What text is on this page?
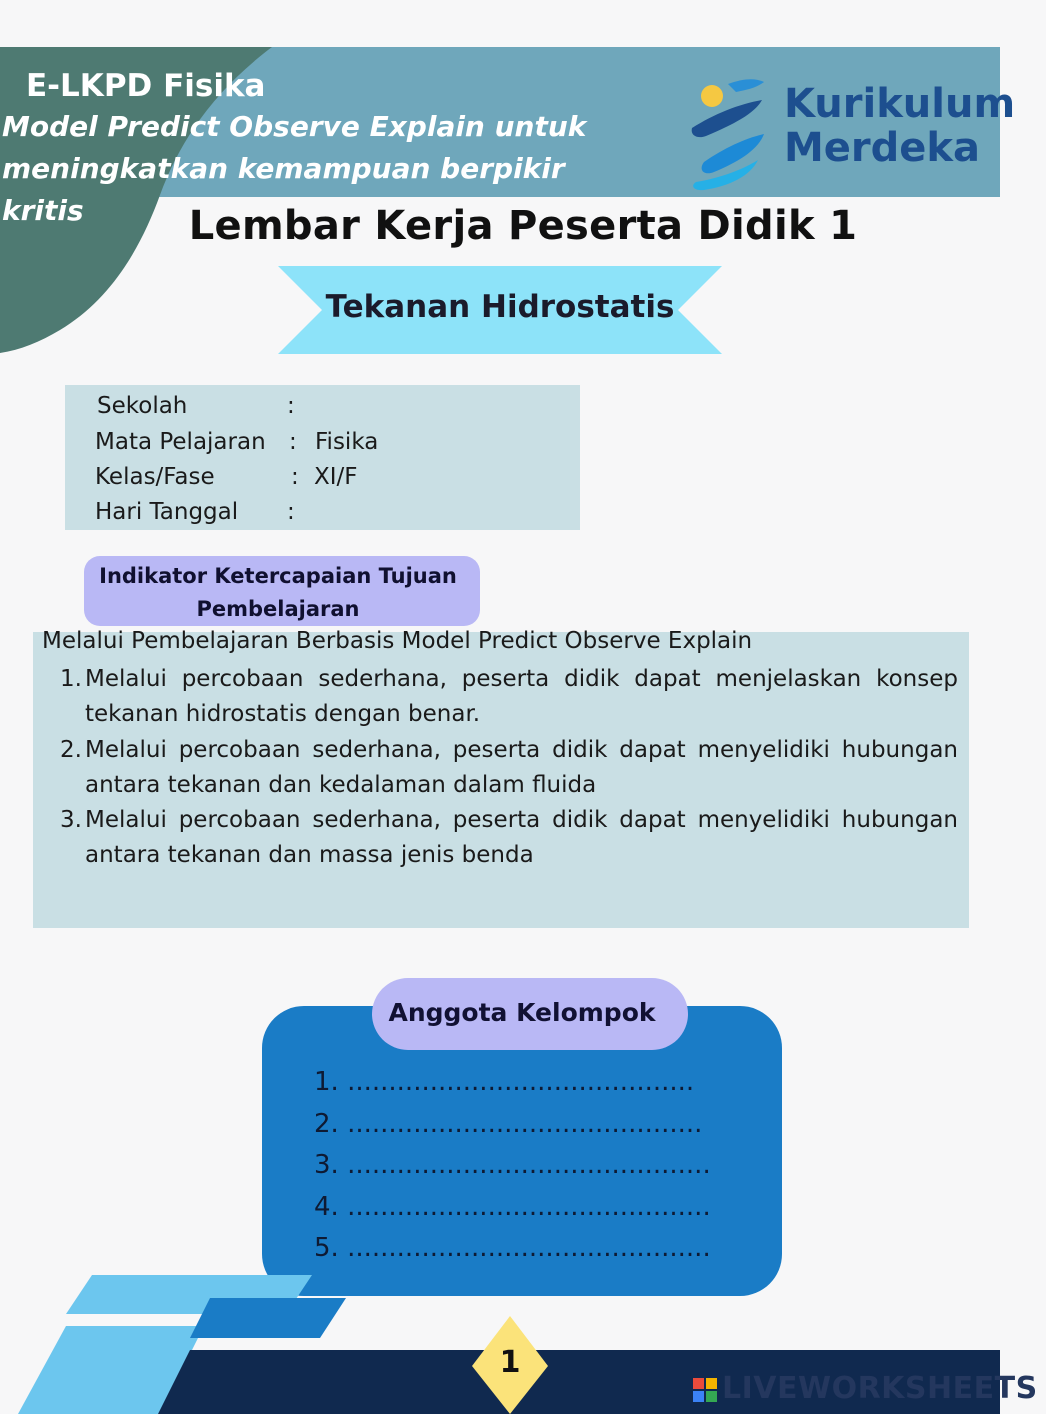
E-LKPD Fisika
Model Predict Observe Explain untuk
meningkatkan kemampuan berpikir kritis
Kurikulum
Merdeka
Lembar Kerja Peserta Didik 1
Tekanan Hidrostatis
Sekolah	:
Mata Pelajaran : Fisika
Kelas/Fase	: XI/F
Hari Tanggal :
Indikator Ketercapaian Tujuan
Pembelajaran
Melalui Pembelajaran Berbasis Model Predict Observe Explain
1. Melalui percobaan sederhana, peserta didik dapat menjelaskan konsep tekanan hidrostatis dengan benar.
2. Melalui percobaan sederhana, peserta didik dapat menyelidiki hubungan antara tekanan dan kedalaman dalam fluida
3. Melalui percobaan sederhana, peserta didik dapat menyelidiki hubungan antara tekanan dan massa jenis benda
Anggota Kelompok
1. ..........................................
2. ...........................................
3. ............................................
4. ............................................
5. ............................................
1
LIVEWORKSHEETS
